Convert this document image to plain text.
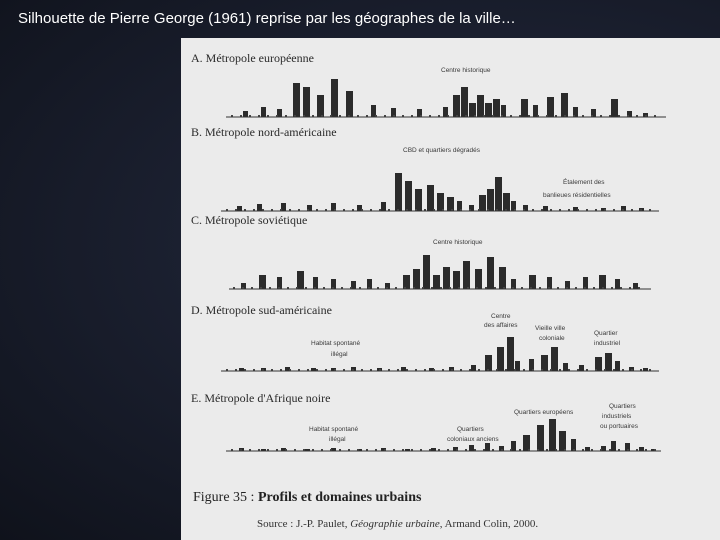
Silhouette de Pierre George (1961) reprise par les géographes de la ville…
A. Métropole européenne
Centre historique
B. Métropole nord-américaine
CBD et quartiers dégradés
Étalement des
banlieues résidentielles
C. Métropole soviétique
Centre historique
D. Métropole sud-américaine
Habitat spontané
illégal
Centre
des affaires	Vieille ville
coloniale
Quartier
industriel
E. Métropole d'Afrique noire
Habitat spontané
illégal
Quartiers
coloniaux anciens
Quartiers européens
Quartiers
industriels
ou portuaires
Figure 35 : Profils et domaines urbains
Source : J.-P. Paulet, Géographie urbaine, Armand Colin, 2000.
